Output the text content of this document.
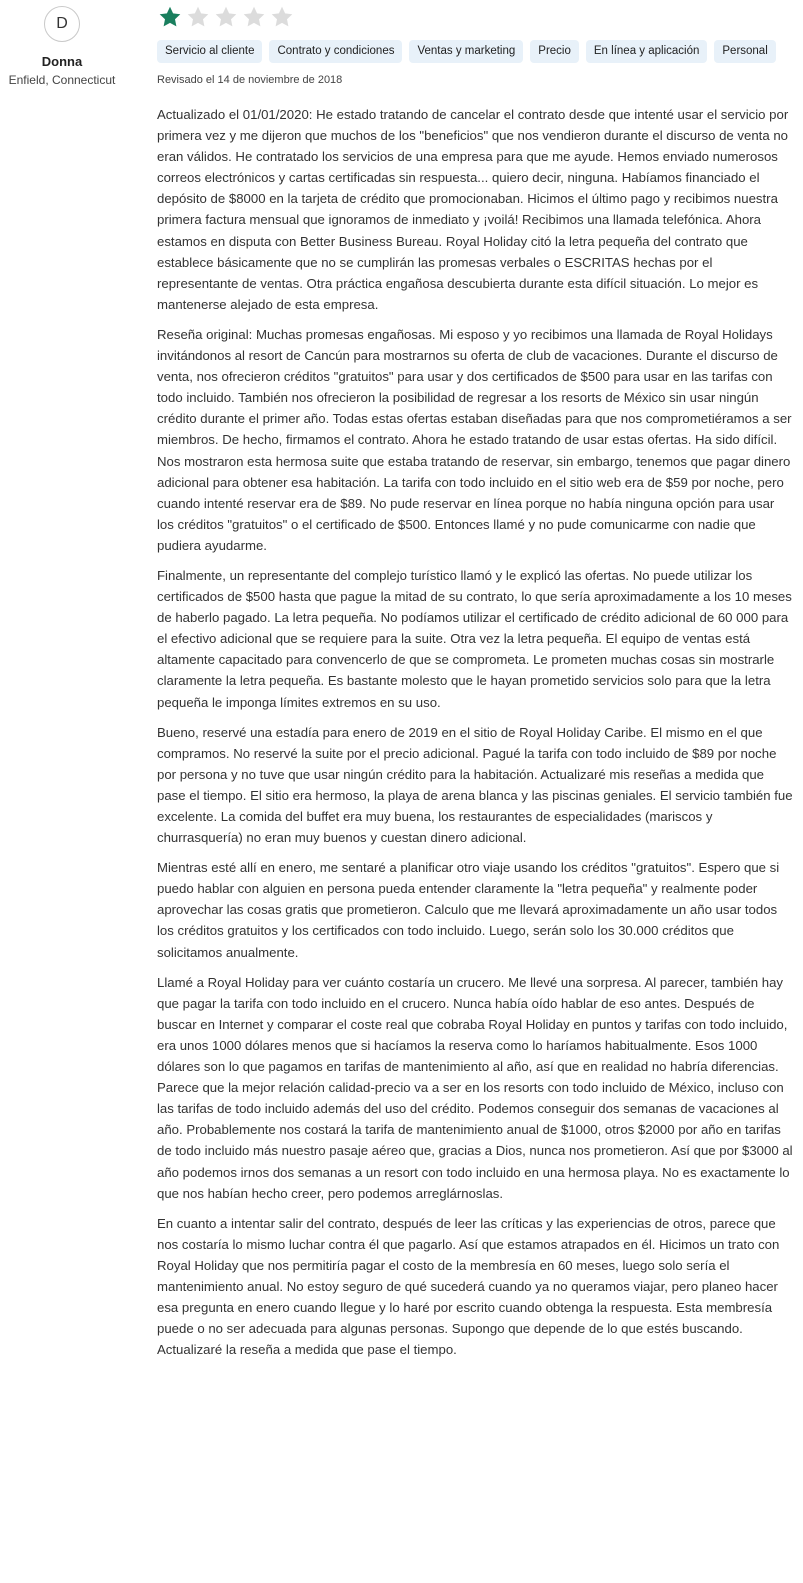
D
Donna
Enfield, Connecticut
Servicio al cliente	Contrato y condiciones	Ventas y marketing	Precio	En línea y aplicación	Personal
Revisado el 14 de noviembre de 2018

Actualizado el 01/01/2020: He estado tratando de cancelar el contrato desde que intenté usar el servicio por primera vez y me dijeron que muchos de los "beneficios" que nos vendieron durante el discurso de venta no eran válidos. He contratado los servicios de una empresa para que me ayude. Hemos enviado numerosos correos electrónicos y cartas certificadas sin respuesta... quiero decir, ninguna. Habíamos financiado el depósito de $8000 en la tarjeta de crédito que promocionaban. Hicimos el último pago y recibimos nuestra primera factura mensual que ignoramos de inmediato y ¡voilá! Recibimos una llamada telefónica. Ahora estamos en disputa con Better Business Bureau. Royal Holiday citó la letra pequeña del contrato que establece básicamente que no se cumplirán las promesas verbales o ESCRITAS hechas por el representante de ventas. Otra práctica engañosa descubierta durante esta difícil situación. Lo mejor es mantenerse alejado de esta empresa.

Reseña original: Muchas promesas engañosas. Mi esposo y yo recibimos una llamada de Royal Holidays invitándonos al resort de Cancún para mostrarnos su oferta de club de vacaciones. Durante el discurso de venta, nos ofrecieron créditos "gratuitos" para usar y dos certificados de $500 para usar en las tarifas con todo incluido. También nos ofrecieron la posibilidad de regresar a los resorts de México sin usar ningún crédito durante el primer año. Todas estas ofertas estaban diseñadas para que nos comprometiéramos a ser miembros. De hecho, firmamos el contrato. Ahora he estado tratando de usar estas ofertas. Ha sido difícil. Nos mostraron esta hermosa suite que estaba tratando de reservar, sin embargo, tenemos que pagar dinero adicional para obtener esa habitación. La tarifa con todo incluido en el sitio web era de $59 por noche, pero cuando intenté reservar era de $89. No pude reservar en línea porque no había ninguna opción para usar los créditos "gratuitos" o el certificado de $500. Entonces llamé y no pude comunicarme con nadie que pudiera ayudarme.

Finalmente, un representante del complejo turístico llamó y le explicó las ofertas. No puede utilizar los certificados de $500 hasta que pague la mitad de su contrato, lo que sería aproximadamente a los 10 meses de haberlo pagado. La letra pequeña. No podíamos utilizar el certificado de crédito adicional de 60 000 para el efectivo adicional que se requiere para la suite. Otra vez la letra pequeña. El equipo de ventas está altamente capacitado para convencerlo de que se comprometa. Le prometen muchas cosas sin mostrarle claramente la letra pequeña. Es bastante molesto que le hayan prometido servicios solo para que la letra pequeña le imponga límites extremos en su uso.

Bueno, reservé una estadía para enero de 2019 en el sitio de Royal Holiday Caribe. El mismo en el que compramos. No reservé la suite por el precio adicional. Pagué la tarifa con todo incluido de $89 por noche por persona y no tuve que usar ningún crédito para la habitación. Actualizaré mis reseñas a medida que pase el tiempo. El sitio era hermoso, la playa de arena blanca y las piscinas geniales. El servicio también fue excelente. La comida del buffet era muy buena, los restaurantes de especialidades (mariscos y churrasquería) no eran muy buenos y cuestan dinero adicional.

Mientras esté allí en enero, me sentaré a planificar otro viaje usando los créditos "gratuitos". Espero que si puedo hablar con alguien en persona pueda entender claramente la "letra pequeña" y realmente poder aprovechar las cosas gratis que prometieron. Calculo que me llevará aproximadamente un año usar todos los créditos gratuitos y los certificados con todo incluido. Luego, serán solo los 30.000 créditos que solicitamos anualmente.

Llamé a Royal Holiday para ver cuánto costaría un crucero. Me llevé una sorpresa. Al parecer, también hay que pagar la tarifa con todo incluido en el crucero. Nunca había oído hablar de eso antes. Después de buscar en Internet y comparar el coste real que cobraba Royal Holiday en puntos y tarifas con todo incluido, era unos 1000 dólares menos que si hacíamos la reserva como lo haríamos habitualmente. Esos 1000 dólares son lo que pagamos en tarifas de mantenimiento al año, así que en realidad no habría diferencias.
Parece que la mejor relación calidad-precio va a ser en los resorts con todo incluido de México, incluso con las tarifas de todo incluido además del uso del crédito. Podemos conseguir dos semanas de vacaciones al año. Probablemente nos costará la tarifa de mantenimiento anual de $1000, otros $2000 por año en tarifas de todo incluido más nuestro pasaje aéreo que, gracias a Dios, nunca nos prometieron. Así que por $3000 al año podemos irnos dos semanas a un resort con todo incluido en una hermosa playa. No es exactamente lo que nos habían hecho creer, pero podemos arreglárnoslas.

En cuanto a intentar salir del contrato, después de leer las críticas y las experiencias de otros, parece que nos costaría lo mismo luchar contra él que pagarlo. Así que estamos atrapados en él. Hicimos un trato con Royal Holiday que nos permitiría pagar el costo de la membresía en 60 meses, luego solo sería el mantenimiento anual. No estoy seguro de qué sucederá cuando ya no queramos viajar, pero planeo hacer esa pregunta en enero cuando llegue y lo haré por escrito cuando obtenga la respuesta. Esta membresía puede o no ser adecuada para algunas personas. Supongo que depende de lo que estés buscando. Actualizaré la reseña a medida que pase el tiempo.
